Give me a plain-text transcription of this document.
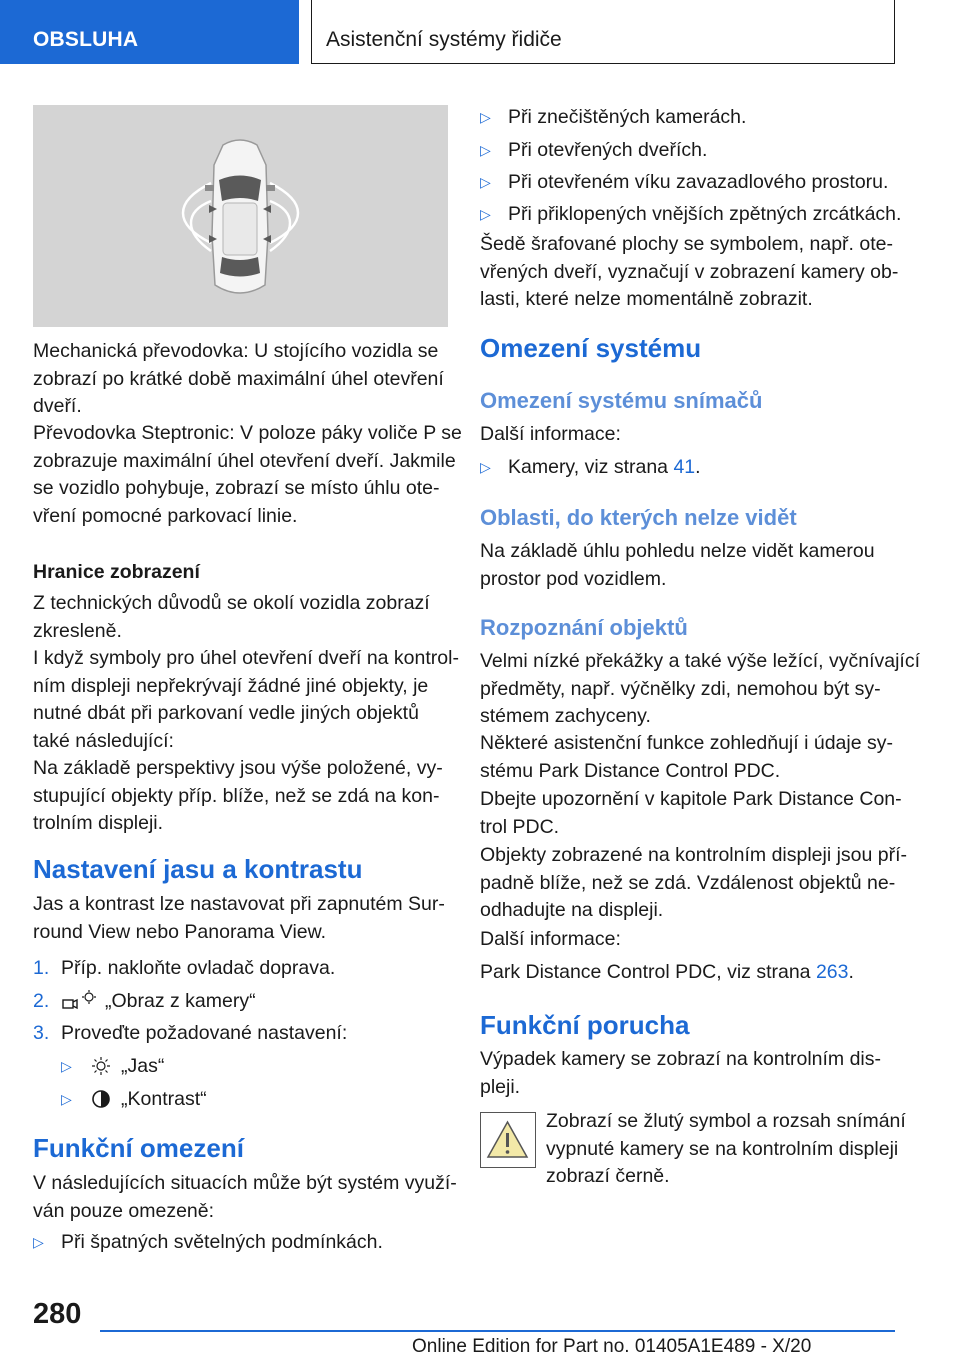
OBSLUHA	Asistenční systémy řidiče

Mechanická převodovka: U stojícího vozidla se
zobrazí po krátké době maximální úhel otevření
dveří.

Převodovka Steptronic: V poloze páky voliče P se
zobrazuje maximální úhel otevření dveří. Jakmile
se vozidlo pohybuje, zobrazí se místo úhlu ote-
vření pomocné parkovací linie.

Hranice zobrazení

Z technických důvodů se okolí vozidla zobrazí
zkresleně.

I když symboly pro úhel otevření dveří na kontrol-
ním displeji nepřekrývají žádné jiné objekty, je
nutné dbát při parkovaní vedle jiných objektů
také následující:

Na základě perspektivy jsou výše položené, vy-
stupující objekty příp. blíže, než se zdá na kon-
trolním displeji.

Nastavení jasu a kontrastu

Jas a kontrast lze nastavovat při zapnutém Sur-
round View nebo Panorama View.

1. Příp. nakloňte ovladač doprava.
2.	„Obraz z kamery“
3. Proveďte požadované nastavení:
▷	„Jas“
▷	„Kontrast“
Funkční omezení

V následujících situacích může být systém využí-
ván pouze omezeně:

▷ Při špatných světelných podmínkách.
▷ Při znečištěných kamerách.
▷ Při otevřených dveřích.
▷ Při otevřeném víku zavazadlového prostoru.
▷ Při přiklopených vnějších zpětných zrcátkách.

Šedě šrafované plochy se symbolem, např. ote-
vřených dveří, vyznačují v zobrazení kamery ob-
lasti, které nelze momentálně zobrazit.

Omezení systému
Omezení systému snímačů

Další informace:

▷ Kamery, viz strana 41.
Oblasti, do kterých nelze vidět

Na základě úhlu pohledu nelze vidět kamerou
prostor pod vozidlem.

Rozpoznání objektů

Velmi nízké překážky a také výše ležící, vyčnívající
předměty, např. výčnělky zdi, nemohou být sy-
stémem zachyceny.

Některé asistenční funkce zohledňují i údaje sy-
stému Park Distance Control PDC.

Dbejte upozornění v kapitole Park Distance Con-
trol PDC.

Objekty zobrazené na kontrolním displeji jsou pří-
padně blíže, než se zdá. Vzdálenost objektů ne-
odhadujte na displeji.

Další informace:

Park Distance Control PDC, viz strana 263.

Funkční porucha

Výpadek kamery se zobrazí na kontrolním dis-
pleji.

Zobrazí se žlutý symbol a rozsah snímání
vypnuté kamery se na kontrolním displeji
zobrazí černě.

280
Online Edition for Part no. 01405A1E489 - X/20
